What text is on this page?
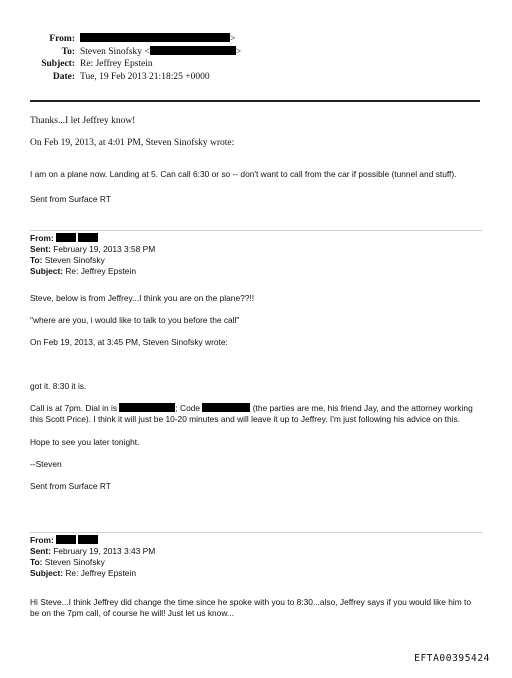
From:	>
To: Steven Sinofsky <	>
Subject: Re: Jeffrey Epstein
Date: Tue, 19 Feb 2013 21:18:25 +0000
Thanks...I let Jeffrey know!
On Feb 19, 2013, at 4:01 PM, Steven Sinofsky wrote:

I am on a plane now. Landing at 5. Can call 6:30 or so -- don't want to call from the car if possible (tunnel and stuff).

Sent from Surface RT

From:

Sent: February 19, 2013 3:58 PM

To: Steven Sinofsky

Subject: Re: Jeffrey Epstein

Steve, below is from Jeffrey...I think you are on the plane??!!

"where are you, i would like to talk to you before the call"

On Feb 19, 2013, at 3:45 PM, Steven Sinofsky wrote:

got it. 8:30 it is.

Call is at 7pm. Dial in is	; Code	(the parties are me, his friend Jay, and the attorney working this Scott Price). I think it will just be 10-20 minutes and will leave it up to Jeffrey. I'm just following his advice on this.

Hope to see you later tonight.

--Steven

Sent from Surface RT

From:

Sent: February 19, 2013 3:43 PM

To: Steven Sinofsky

Subject: Re: Jeffrey Epstein

Hi Steve...I think Jeffrey did change the time since he spoke with you to 8:30...also, Jeffrey says if you would like him to be on the 7pm call, of course he will! Just let us know...

EFTA00395424
